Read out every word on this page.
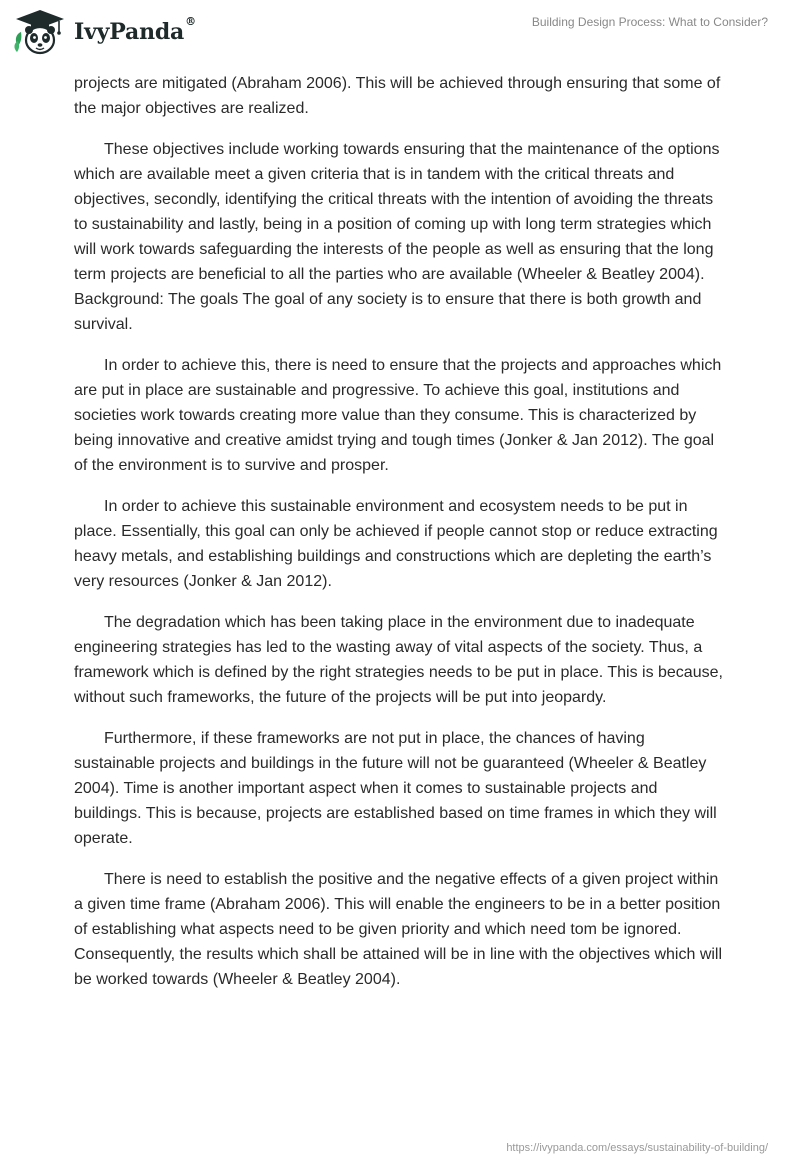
IvyPanda®	Building Design Process: What to Consider?

projects are mitigated (Abraham 2006). This will be achieved through ensuring that some of the major objectives are realized.

These objectives include working towards ensuring that the maintenance of the options which are available meet a given criteria that is in tandem with the critical threats and objectives, secondly, identifying the critical threats with the intention of avoiding the threats to sustainability and lastly, being in a position of coming up with long term strategies which will work towards safeguarding the interests of the people as well as ensuring that the long term projects are beneficial to all the parties who are available (Wheeler & Beatley 2004). Background: The goals The goal of any society is to ensure that there is both growth and survival.

In order to achieve this, there is need to ensure that the projects and approaches which are put in place are sustainable and progressive. To achieve this goal, institutions and societies work towards creating more value than they consume. This is characterized by being innovative and creative amidst trying and tough times (Jonker & Jan 2012). The goal of the environment is to survive and prosper.

In order to achieve this sustainable environment and ecosystem needs to be put in place. Essentially, this goal can only be achieved if people cannot stop or reduce extracting heavy metals, and establishing buildings and constructions which are depleting the earth’s very resources (Jonker & Jan 2012).

The degradation which has been taking place in the environment due to inadequate engineering strategies has led to the wasting away of vital aspects of the society. Thus, a framework which is defined by the right strategies needs to be put in place. This is because, without such frameworks, the future of the projects will be put into jeopardy.

Furthermore, if these frameworks are not put in place, the chances of having sustainable projects and buildings in the future will not be guaranteed (Wheeler & Beatley 2004). Time is another important aspect when it comes to sustainable projects and buildings. This is because, projects are established based on time frames in which they will operate.

There is need to establish the positive and the negative effects of a given project within a given time frame (Abraham 2006). This will enable the engineers to be in a better position of establishing what aspects need to be given priority and which need tom be ignored. Consequently, the results which shall be attained will be in line with the objectives which will be worked towards (Wheeler & Beatley 2004).

https://ivypanda.com/essays/sustainability-of-building/
